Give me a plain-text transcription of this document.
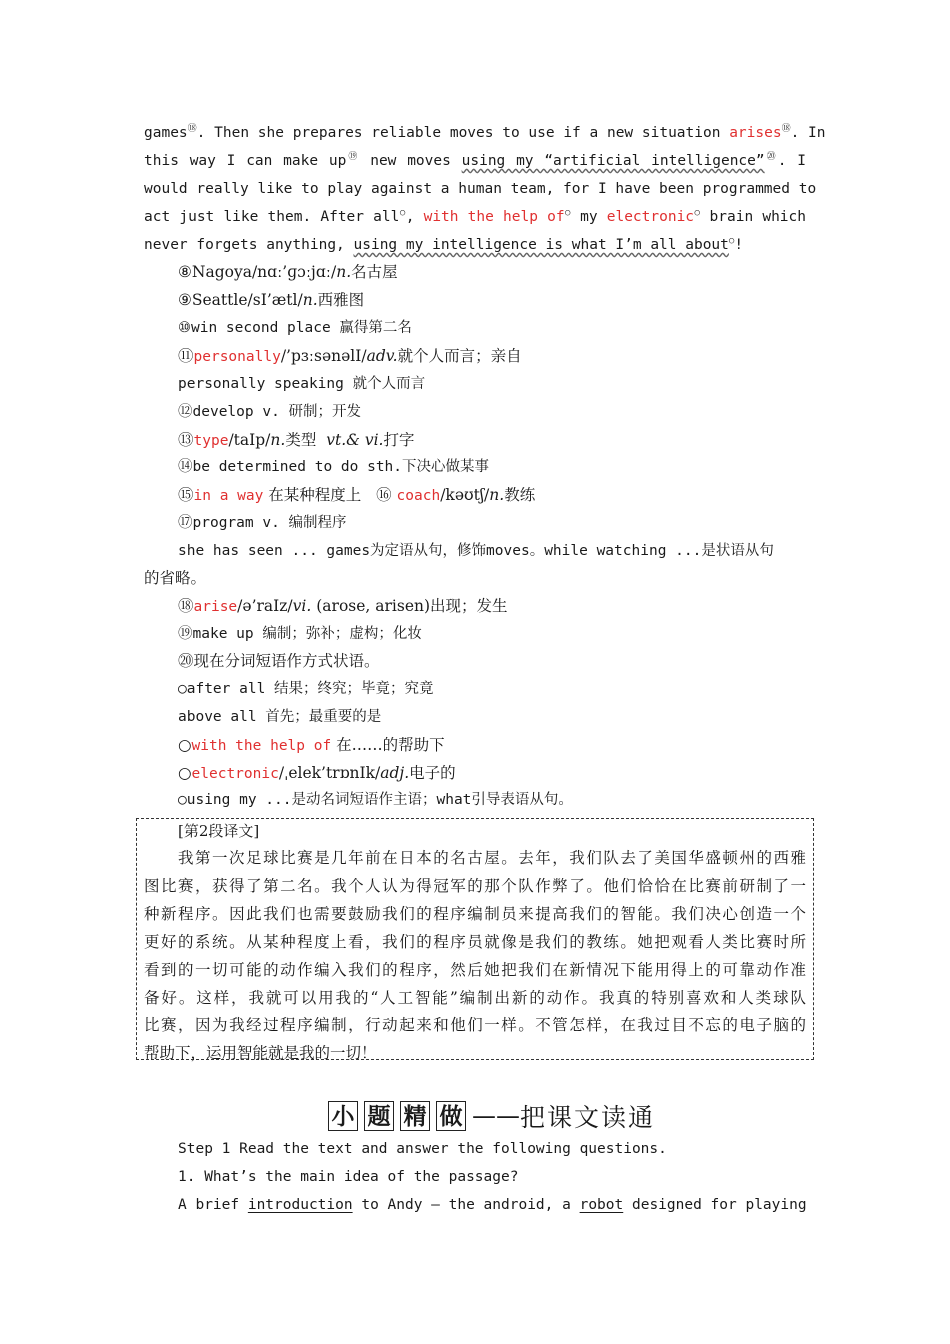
games⑱. Then she prepares reliable moves to use if a new situation arises⑱. In
this way I can make up⑲ new moves using my “artificial intelligence”⑳. I
would really like to play against a human team, for I have been programmed to
act just like them. After all○, with the help of○ my electronic○ brain which
never forgets anything, using my intelligence is what I’m all about○!
⑧Nagoya/nɑː’ɡɔːjɑː/n.名古屋
⑨Seattle/sI’ætl/n.西雅图
⑩win second place 赢得第二名
⑪personally/’pɜːsənəlI/adv.就个人而言；亲自
personally speaking 就个人而言
⑫develop v. 研制；开发
⑬type/taIp/n.类型 vt.& vi.打字
⑭be determined to do sth.下决心做某事
⑮in a way 在某种程度上 ⑯ coach/kəʊtʃ/n.教练
⑰program v. 编制程序
she has seen ... games为定语从句，修饰moves。while watching ...是状语从句
的省略。
⑱arise/ə’raIz/vi. (arose, arisen)出现；发生
⑲make up 编制；弥补；虚构；化妆
⑳现在分词短语作方式状语。
○after all 结果；终究；毕竟；究竟
above all 首先；最重要的是
○with the help of 在……的帮助下
○electronic/ˌelek’trɒnIk/adj.电子的
○using my ...是动名词短语作主语；what引导表语从句。
[第2段译文]
我第一次足球比赛是几年前在日本的名古屋。去年，我们队去了美国华盛顿州的西雅
图比赛，获得了第二名。我个人认为得冠军的那个队作弊了。他们恰恰在比赛前研制了一
种新程序。因此我们也需要鼓励我们的程序编制员来提高我们的智能。我们决心创造一个
更好的系统。从某种程度上看，我们的程序员就像是我们的教练。她把观看人类比赛时所
看到的一切可能的动作编入我们的程序，然后她把我们在新情况下能用得上的可靠动作准
备好。这样，我就可以用我的“人工智能”编制出新的动作。我真的特别喜欢和人类球队
比赛，因为我经过程序编制，行动起来和他们一样。不管怎样，在我过目不忘的电子脑的
帮助下，运用智能就是我的一切！
小 题 精 做 ——把课文读通
Step 1 Read the text and answer the following questions.
1. What’s the main idea of the passage?
A brief introduction to Andy — the android, a robot designed for playing
